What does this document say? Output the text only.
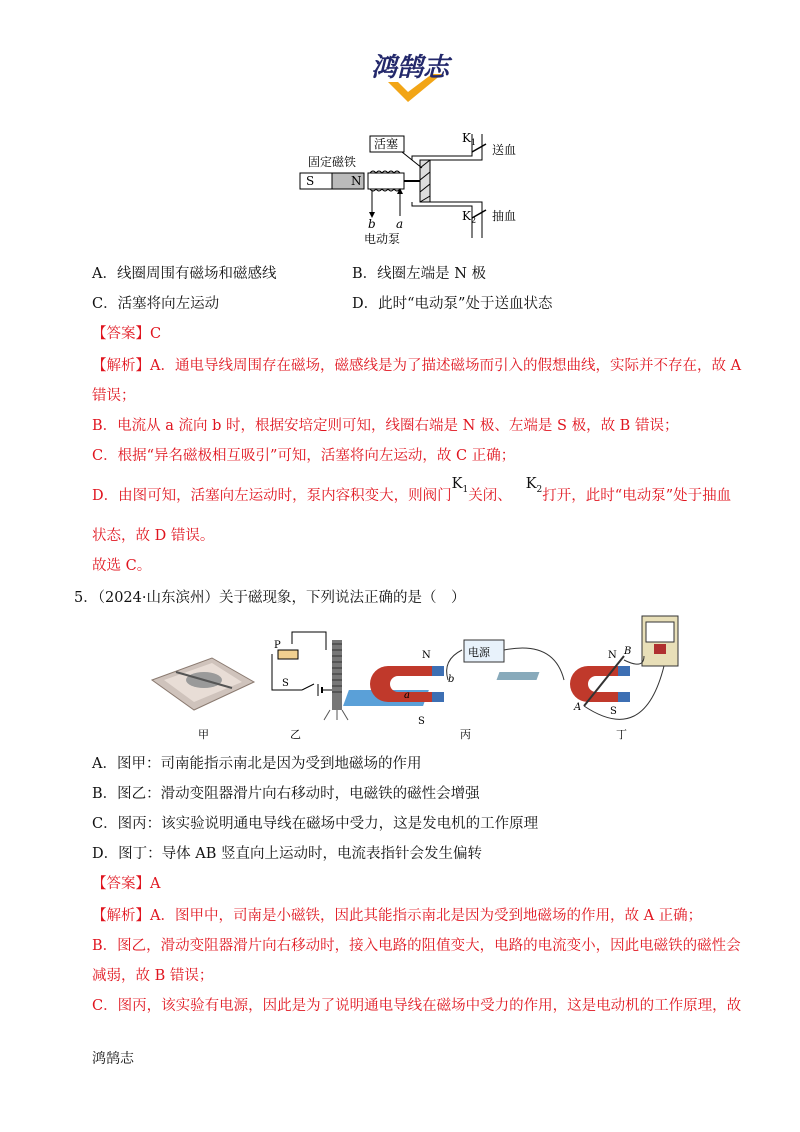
鸿鹄志
S	N
固定磁铁
活塞	$K_1$
$K_2$
送血
抽血
b a
电动泵
A．线圈周围有磁场和磁感线	B．线圈左端是 N 极
C．活塞将向左运动	D．此时“电动泵”处于送血状态
【答案】C
【解析】A．通电导线周围存在磁场，磁感线是为了描述磁场而引入的假想曲线，实际并不存在，故 A
错误；
B．电流从 a 流向 b 时，根据安培定则可知，线圈右端是 N 极、左端是 S 极，故 B 错误；
C．根据“异名磁极相互吸引”可知，活塞将向左运动，故 C 正确；
D．由图可知，活塞向左运动时，泵内容积变大，则阀门$K_1$关闭、$K_2$打开，此时“电动泵”处于抽血
状态，故 D 错误。
故选 C。
5．（2024·山东滨州）关于磁现象，下列说法正确的是（　）
甲
P
S
乙
N
S
b
a
电源
丙
N
S
A
B
丁
A．图甲：司南能指示南北是因为受到地磁场的作用
B．图乙：滑动变阻器滑片向右移动时，电磁铁的磁性会增强
C．图丙：该实验说明通电导线在磁场中受力，这是发电机的工作原理
D．图丁：导体 AB 竖直向上运动时，电流表指针会发生偏转
【答案】A
【解析】A．图甲中，司南是小磁铁，因此其能指示南北是因为受到地磁场的作用，故 A 正确；
B．图乙，滑动变阻器滑片向右移动时，接入电路的阻值变大，电路的电流变小，因此电磁铁的磁性会
减弱，故 B 错误；
C．图丙，该实验有电源，因此是为了说明通电导线在磁场中受力的作用，这是电动机的工作原理，故
鸿鹄志
